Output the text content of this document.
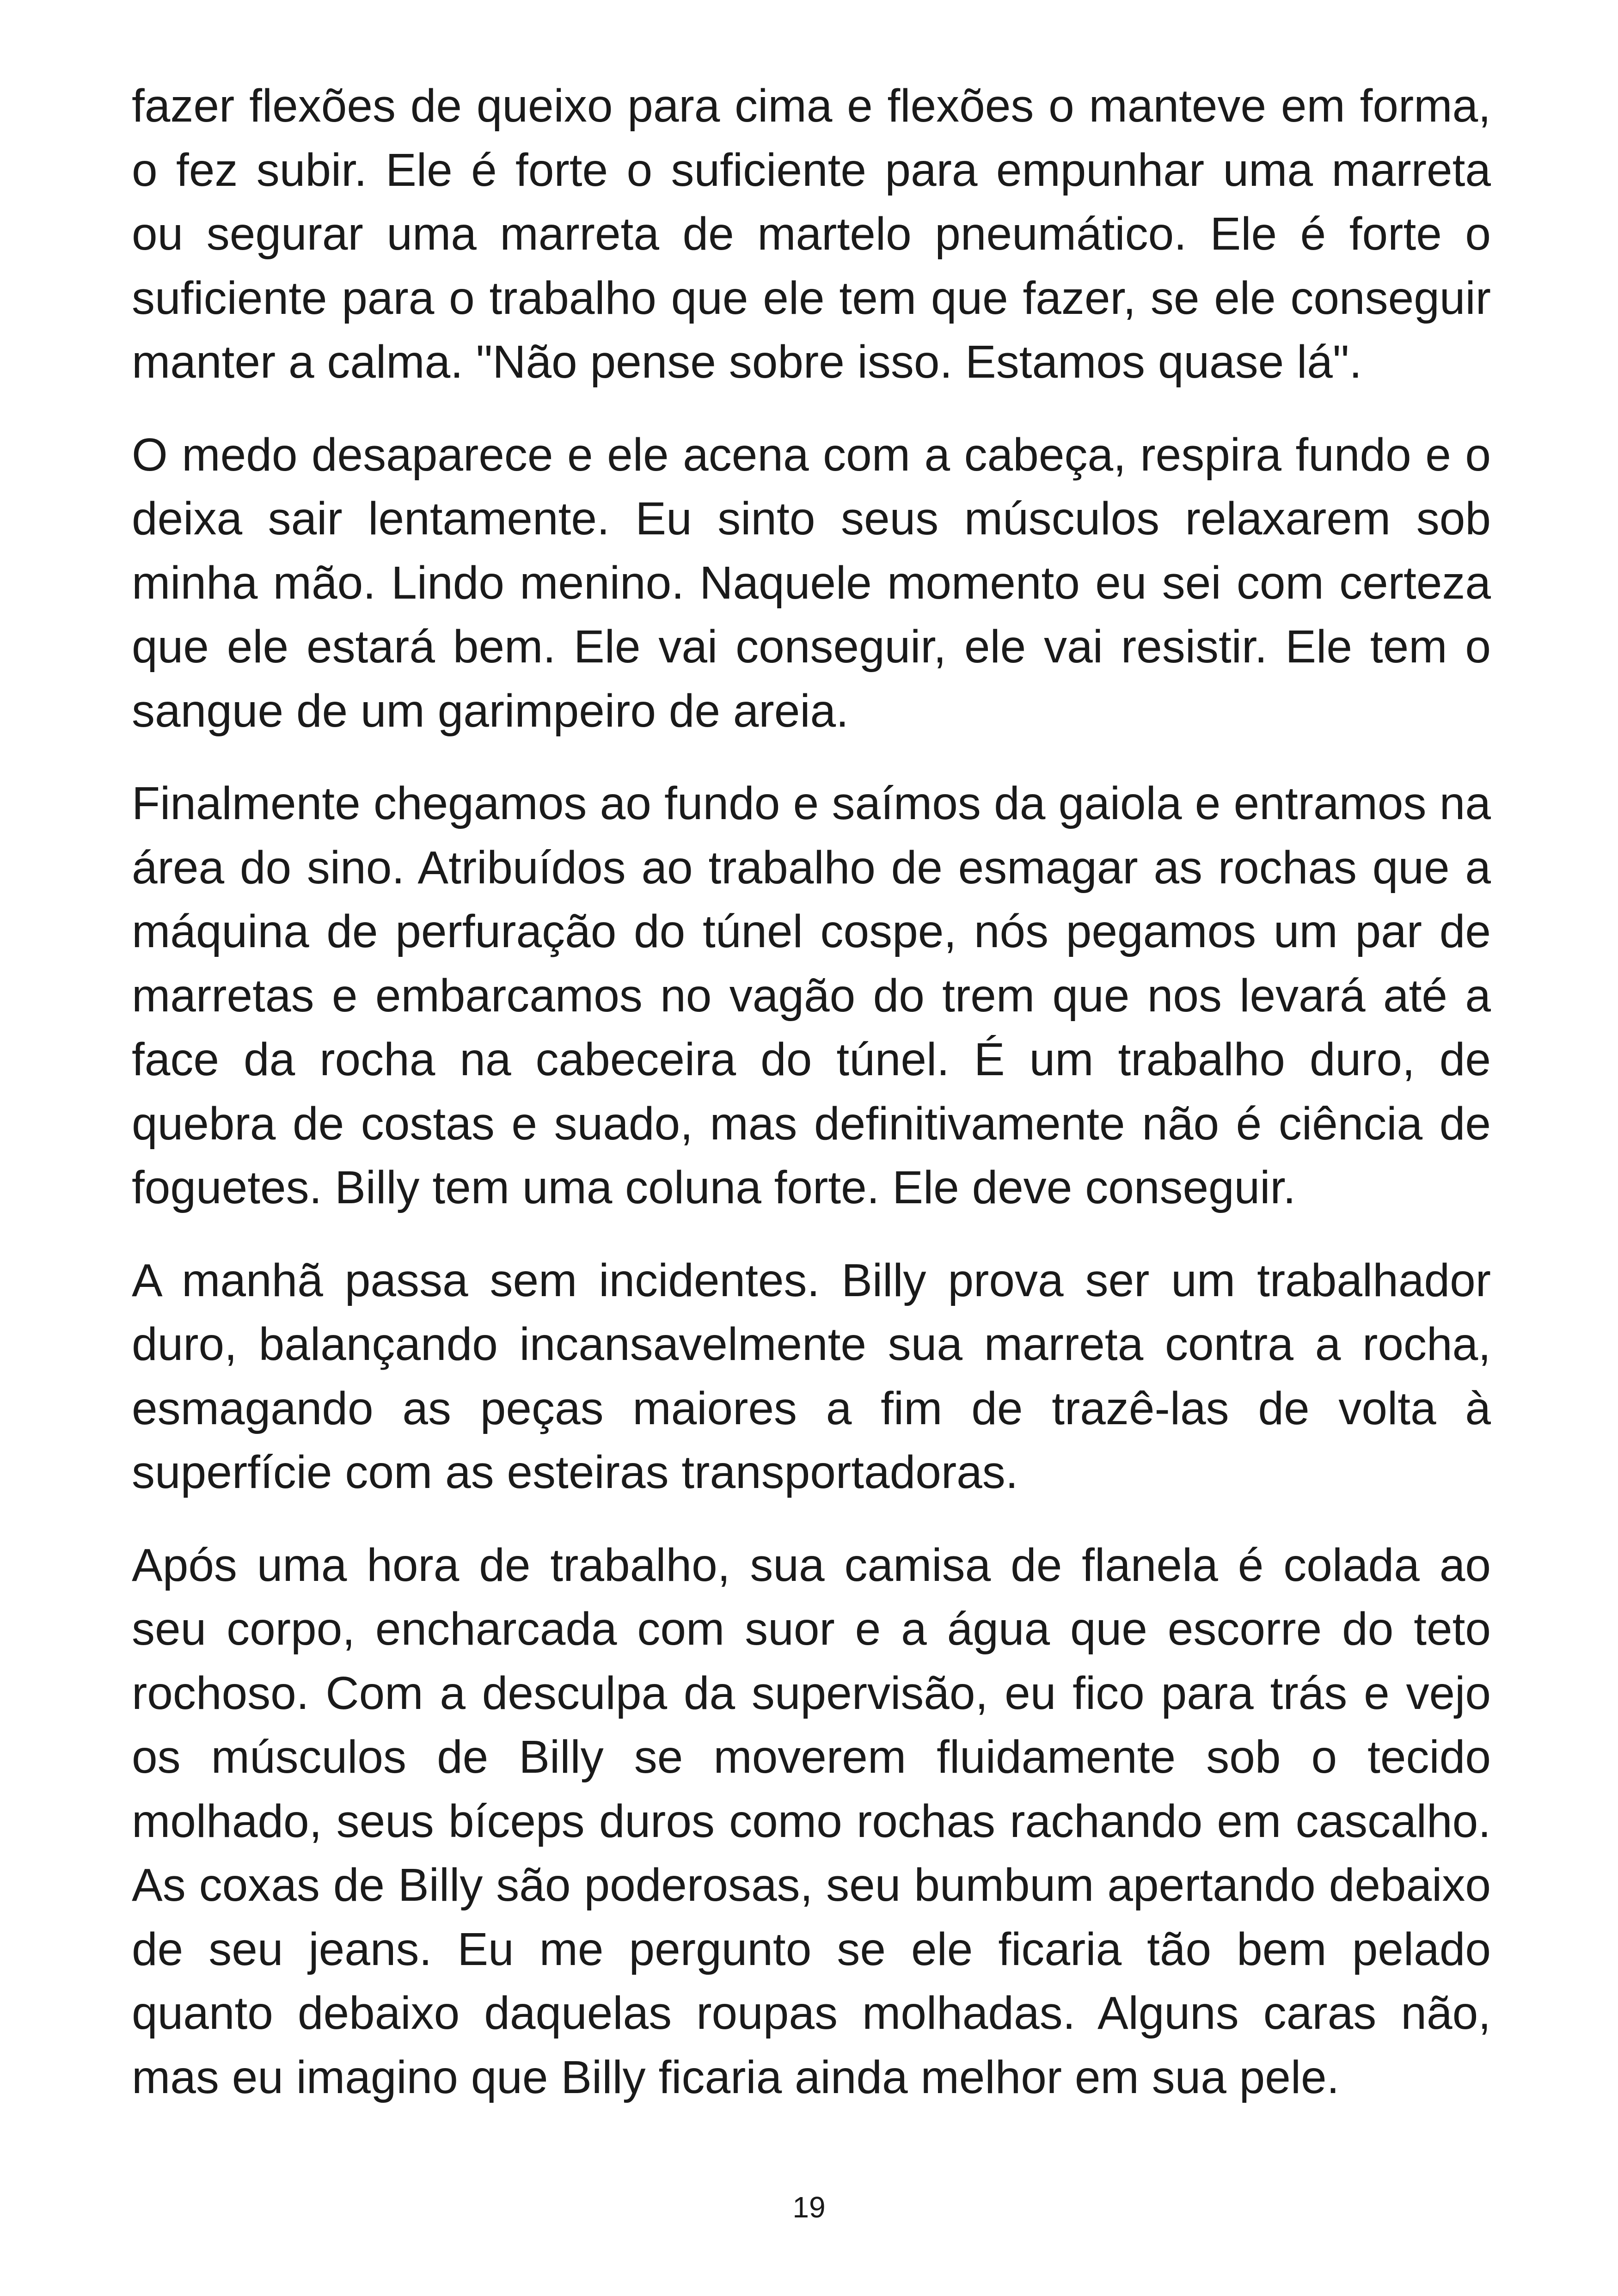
fazer flexões de queixo para cima e flexões o manteve em forma, o fez subir. Ele é forte o suficiente para empunhar uma marreta ou segurar uma marreta de martelo pneumático. Ele é forte o suficiente para o trabalho que ele tem que fazer, se ele conseguir manter a calma. "Não pense sobre isso. Estamos quase lá".

O medo desaparece e ele acena com a cabeça, respira fundo e o deixa sair lentamente. Eu sinto seus músculos relaxarem sob minha mão. Lindo menino. Naquele momento eu sei com certeza que ele estará bem. Ele vai conseguir, ele vai resistir. Ele tem o sangue de um garimpeiro de areia.

Finalmente chegamos ao fundo e saímos da gaiola e entramos na área do sino. Atribuídos ao trabalho de esmagar as rochas que a máquina de perfuração do túnel cospe, nós pegamos um par de marretas e embarcamos no vagão do trem que nos levará até a face da rocha na cabeceira do túnel. É um trabalho duro, de quebra de costas e suado, mas definitivamente não é ciência de foguetes. Billy tem uma coluna forte. Ele deve conseguir.

A manhã passa sem incidentes. Billy prova ser um trabalhador duro, balançando incansavelmente sua marreta contra a rocha, esmagando as peças maiores a fim de trazê-las de volta à superfície com as esteiras transportadoras.

Após uma hora de trabalho, sua camisa de flanela é colada ao seu corpo, encharcada com suor e a água que escorre do teto rochoso. Com a desculpa da supervisão, eu fico para trás e vejo os músculos de Billy se moverem fluidamente sob o tecido molhado, seus bíceps duros como rochas rachando em cascalho. As coxas de Billy são poderosas, seu bumbum apertando debaixo de seu jeans. Eu me pergunto se ele ficaria tão bem pelado quanto debaixo daquelas roupas molhadas. Alguns caras não, mas eu imagino que Billy ficaria ainda melhor em sua pele.

19
